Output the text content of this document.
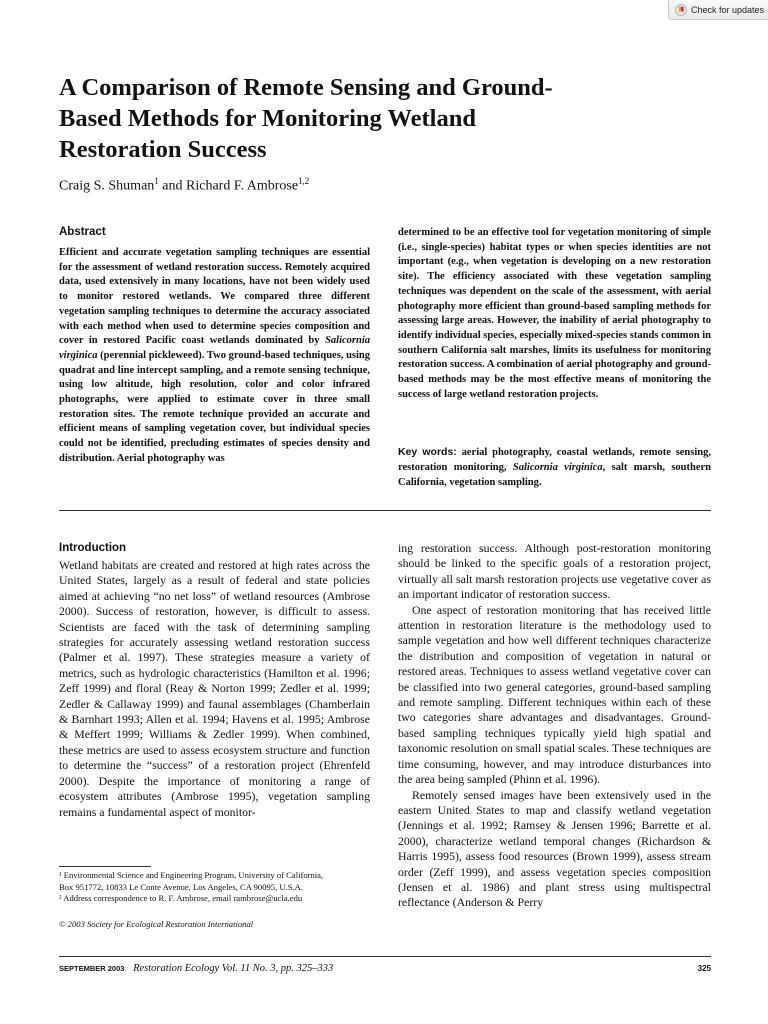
Check for updates
A Comparison of Remote Sensing and Ground-Based Methods for Monitoring Wetland Restoration Success
Craig S. Shuman$^1$ and Richard F. Ambrose$^{1,2}$
Abstract

Efficient and accurate vegetation sampling techniques are essential for the assessment of wetland restoration success. Remotely acquired data, used extensively in many locations, have not been widely used to monitor restored wetlands. We compared three different vegetation sampling techniques to determine the accuracy associated with each method when used to determine species composition and cover in restored Pacific coast wetlands dominated by Salicornia virginica (perennial pickleweed). Two ground-based techniques, using quadrat and line intercept sampling, and a remote sensing technique, using low altitude, high resolution, color and color infrared photographs, were applied to estimate cover in three small restoration sites. The remote technique provided an accurate and efficient means of sampling vegetation cover, but individual species could not be identified, precluding estimates of species density and distribution. Aerial photography was

determined to be an effective tool for vegetation monitoring of simple (i.e., single-species) habitat types or when species identities are not important (e.g., when vegetation is developing on a new restoration site). The efficiency associated with these vegetation sampling techniques was dependent on the scale of the assessment, with aerial photography more efficient than ground-based sampling methods for assessing large areas. However, the inability of aerial photography to identify individual species, especially mixed-species stands common in southern California salt marshes, limits its usefulness for monitoring restoration success. A combination of aerial photography and ground-based methods may be the most effective means of monitoring the success of large wetland restoration projects.

Key words: aerial photography, coastal wetlands, remote sensing, restoration monitoring, Salicornia virginica, salt marsh, southern California, vegetation sampling.

Introduction

Wetland habitats are created and restored at high rates across the United States, largely as a result of federal and state policies aimed at achieving “no net loss” of wetland resources (Ambrose 2000). Success of restoration, however, is difficult to assess. Scientists are faced with the task of determining sampling strategies for accurately assessing wetland restoration success (Palmer et al. 1997). These strategies measure a variety of metrics, such as hydrologic characteristics (Hamilton et al. 1996; Zeff 1999) and floral (Reay & Norton 1999; Zedler et al. 1999; Zedler & Callaway 1999) and faunal assemblages (Chamberlain & Barnhart 1993; Allen et al. 1994; Havens et al. 1995; Ambrose & Meffert 1999; Williams & Zedler 1999). When combined, these metrics are used to assess ecosystem structure and function to determine the “success” of a restoration project (Ehrenfeld 2000). Despite the importance of monitoring a range of ecosystem attributes (Ambrose 1995), vegetation sampling remains a fundamental aspect of monitor-

ing restoration success. Although post-restoration monitoring should be linked to the specific goals of a restoration project, virtually all salt marsh restoration projects use vegetative cover as an important indicator of restoration success.

One aspect of restoration monitoring that has received little attention in restoration literature is the methodology used to sample vegetation and how well different techniques characterize the distribution and composition of vegetation in natural or restored areas. Techniques to assess wetland vegetative cover can be classified into two general categories, ground-based sampling and remote sampling. Different techniques within each of these two categories share advantages and disadvantages. Ground-based sampling techniques typically yield high spatial and taxonomic resolution on small spatial scales. These techniques are time consuming, however, and may introduce disturbances into the area being sampled (Phinn et al. 1996).

Remotely sensed images have been extensively used in the eastern United States to map and classify wetland vegetation (Jennings et al. 1992; Ramsey & Jensen 1996; Barrette et al. 2000), characterize wetland temporal changes (Richardson & Harris 1995), assess food resources (Brown 1999), assess stream order (Zeff 1999), and assess vegetation species composition (Jensen et al. 1986) and plant stress using multispectral reflectance (Anderson & Perry

¹ Environmental Science and Engineering Program, University of California,
Box 951772, 10833 Le Conte Avenue, Los Angeles, CA 90095, U.S.A.
² Address correspondence to R. F. Ambrose, email rambrose@ucla.edu
© 2003 Society for Ecological Restoration International
SEPTEMBER 2003 Restoration Ecology Vol. 11 No. 3, pp. 325–333	325
